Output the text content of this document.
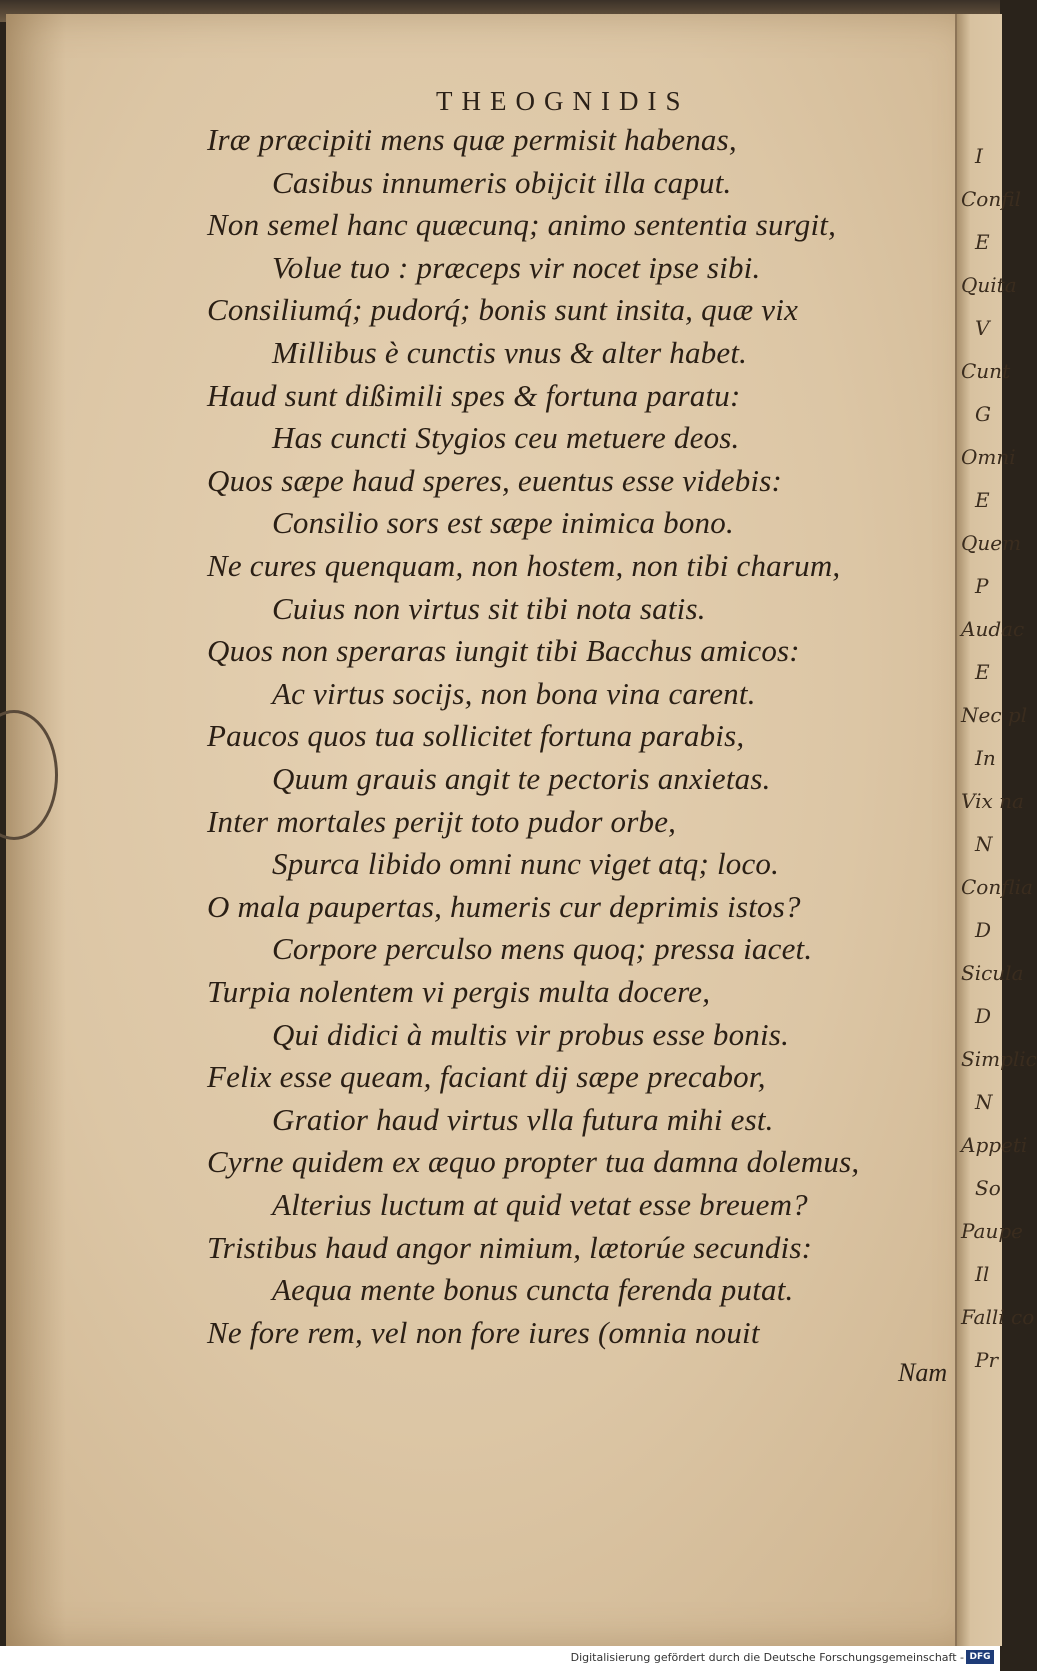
I
Confil
E
Quita
V
Cunt
G
Omni
E
Quem
P
Audac
E
Nec pl
In
Vix na
N
Conflia
D
Sicula
D
Simplic
N
Appeti
So
Paupe
Il
Falli co
Pr
THEOGNIDIS

Iræ præcipiti mens quæ permisit habenas,

Casibus innumeris obijcit illa caput.

Non semel hanc quæcunq; animo sententia surgit,

Volue tuo : præceps vir nocet ipse sibi.

Consiliumq́; pudorq́; bonis sunt insita, quæ vix

Millibus è cunctis vnus & alter habet.

Haud sunt dißimili spes & fortuna paratu:

Has cuncti Stygios ceu metuere deos.

Quos sæpe haud speres, euentus esse videbis:

Consilio sors est sæpe inimica bono.

Ne cures quenquam, non hostem, non tibi charum,

Cuius non virtus sit tibi nota satis.

Quos non speraras iungit tibi Bacchus amicos:

Ac virtus socijs, non bona vina carent.

Paucos quos tua sollicitet fortuna parabis,

Quum grauis angit te pectoris anxietas.

Inter mortales perijt toto pudor orbe,

Spurca libido omni nunc viget atq; loco.

O mala paupertas, humeris cur deprimis istos?

Corpore perculso mens quoq; pressa iacet.

Turpia nolentem vi pergis multa docere,

Qui didici à multis vir probus esse bonis.

Felix esse queam, faciant dij sæpe precabor,

Gratior haud virtus vlla futura mihi est.

Cyrne quidem ex æquo propter tua damna dolemus,

Alterius luctum at quid vetat esse breuem?

Tristibus haud angor nimium, lætorúe secundis:

Aequa mente bonus cuncta ferenda putat.

Ne fore rem, vel non fore iures (omnia nouit

Nam
Digitalisierung gefördert durch die Deutsche Forschungsgemeinschaft - DFG
